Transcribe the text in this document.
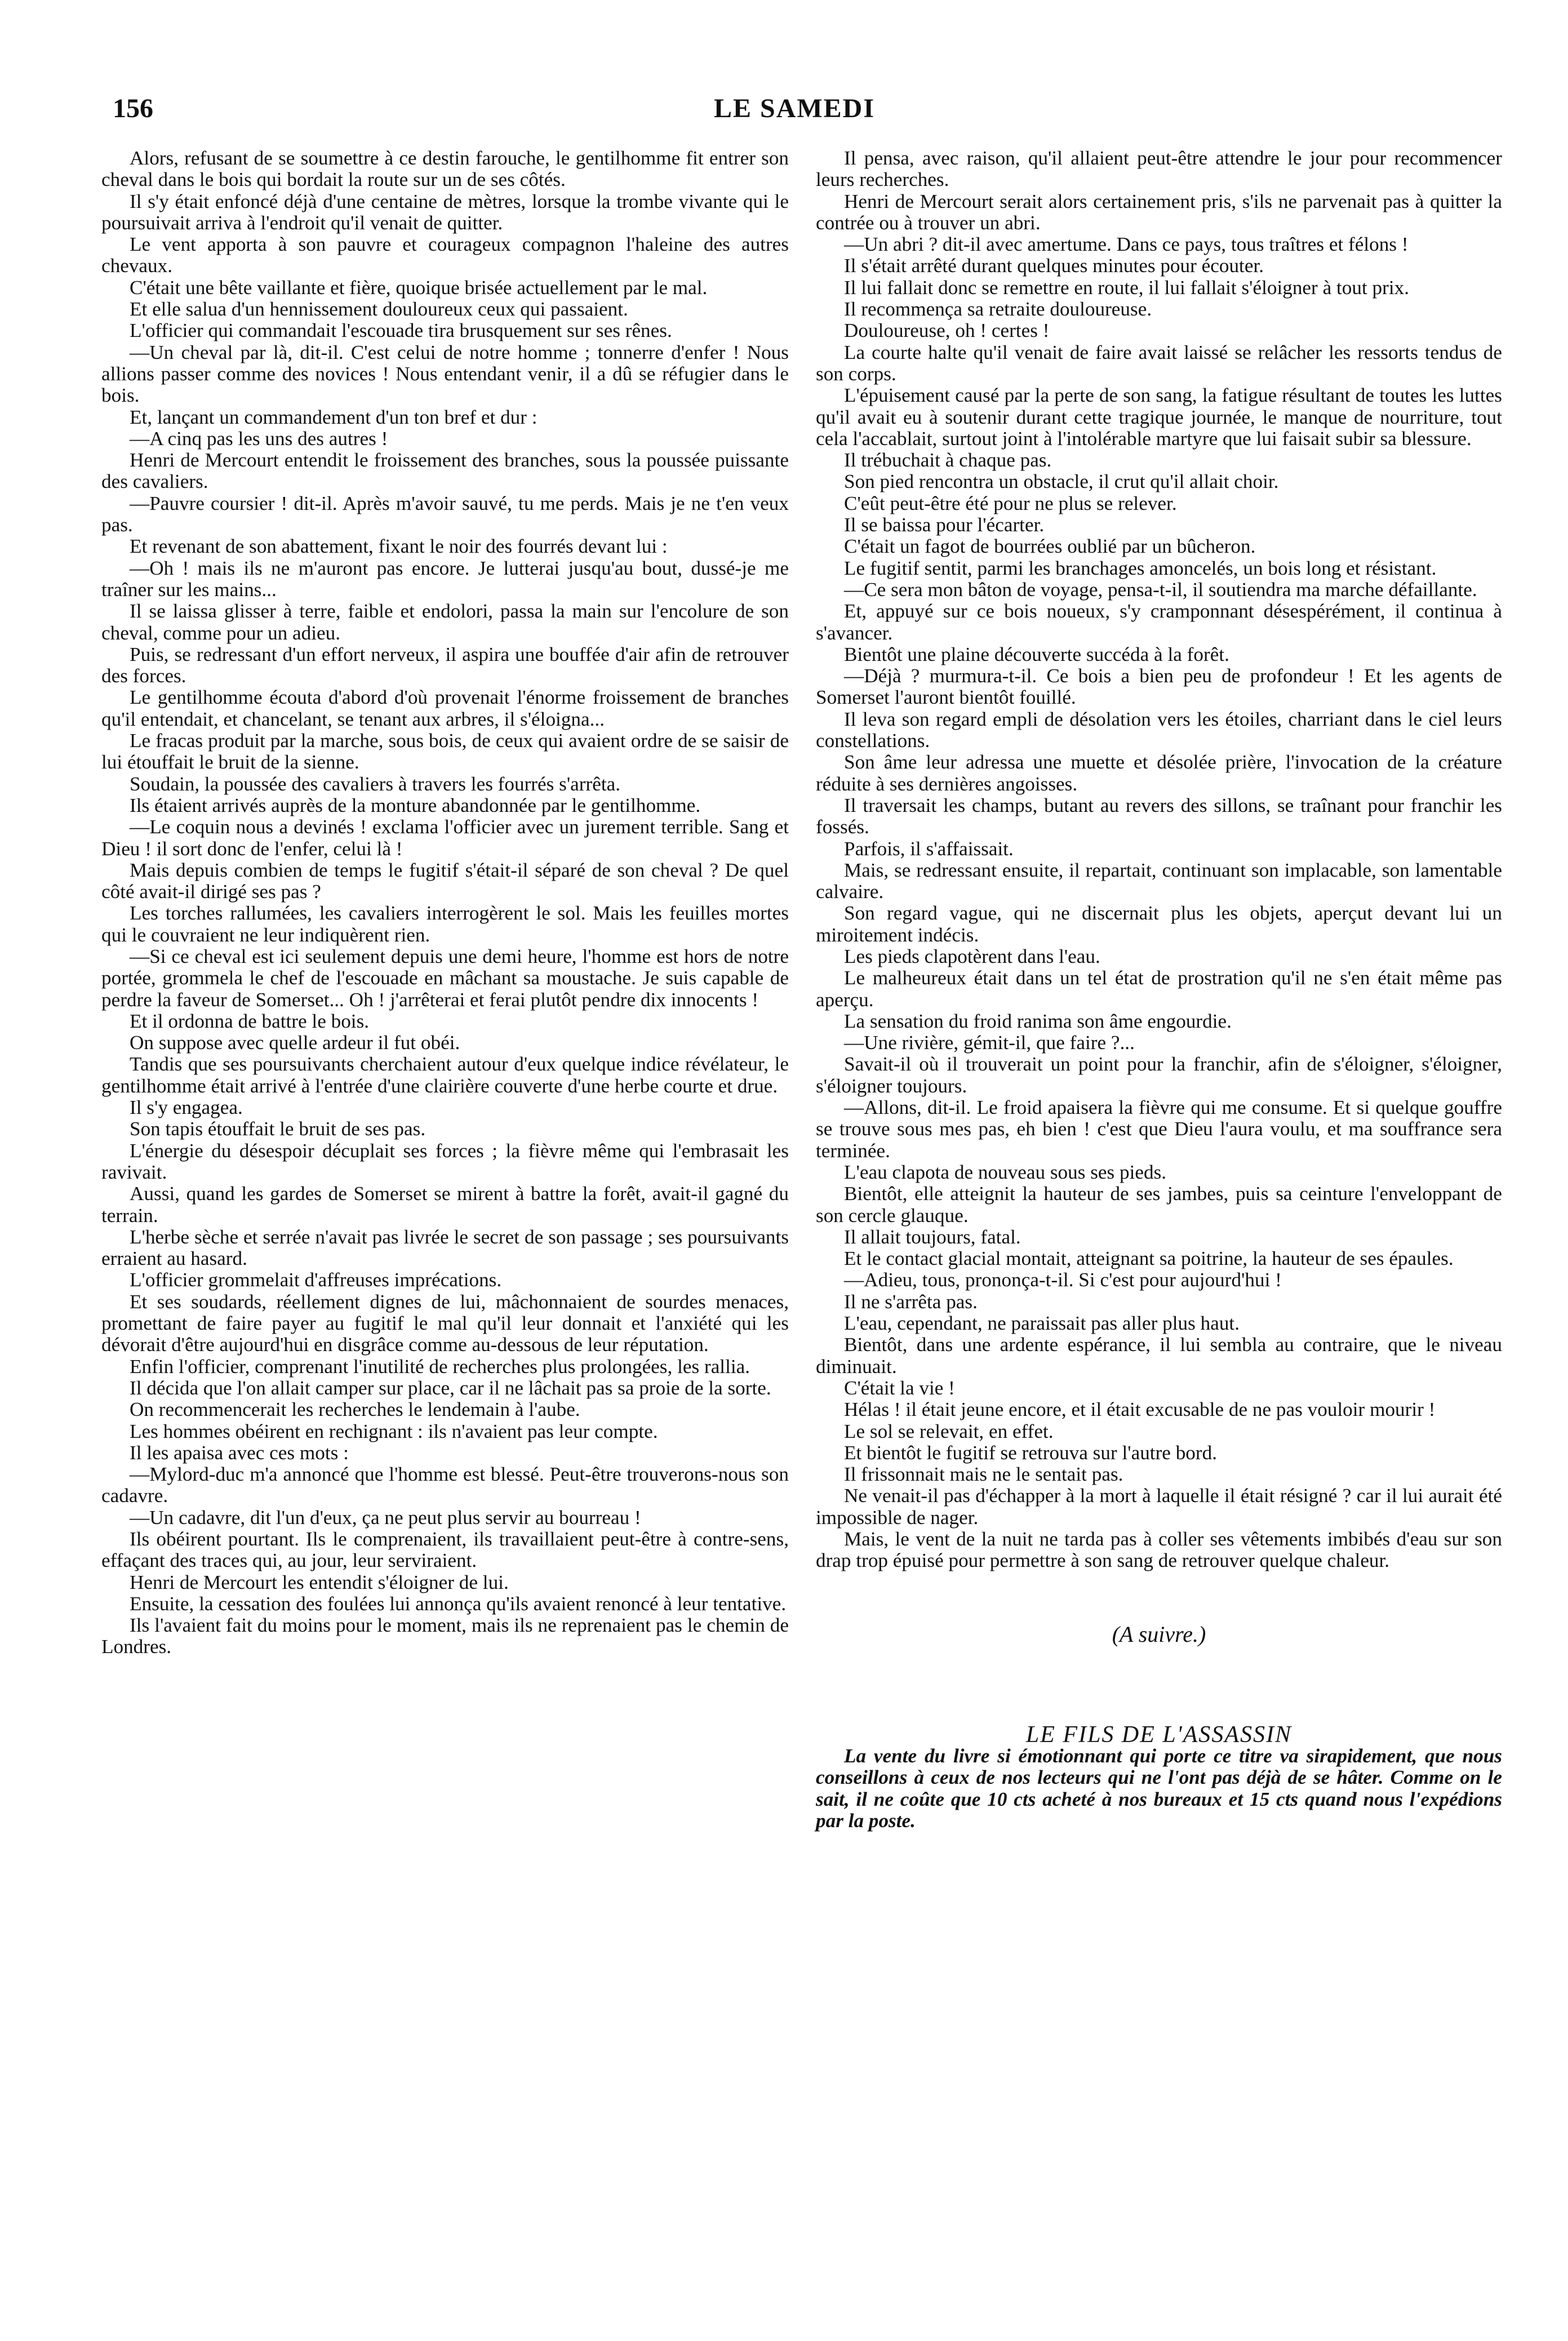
156	LE SAMEDI

Alors, refusant de se soumettre à ce destin farouche, le gentilhomme fit entrer son cheval dans le bois qui bordait la route sur un de ses côtés.

Il s'y était enfoncé déjà d'une centaine de mètres, lorsque la trombe vivante qui le poursuivait arriva à l'endroit qu'il venait de quitter.

Le vent apporta à son pauvre et courageux compagnon l'haleine des autres chevaux.

C'était une bête vaillante et fière, quoique brisée actuellement par le mal.

Et elle salua d'un hennissement douloureux ceux qui passaient.

L'officier qui commandait l'escouade tira brusquement sur ses rênes.

—Un cheval par là, dit-il. C'est celui de notre homme ; tonnerre d'enfer ! Nous allions passer comme des novices ! Nous entendant venir, il a dû se réfugier dans le bois.

Et, lançant un commandement d'un ton bref et dur :

—A cinq pas les uns des autres !

Henri de Mercourt entendit le froissement des branches, sous la poussée puissante des cavaliers.

—Pauvre coursier ! dit-il. Après m'avoir sauvé, tu me perds. Mais je ne t'en veux pas.

Et revenant de son abattement, fixant le noir des fourrés devant lui :

—Oh ! mais ils ne m'auront pas encore. Je lutterai jusqu'au bout, dussé-je me traîner sur les mains...

Il se laissa glisser à terre, faible et endolori, passa la main sur l'encolure de son cheval, comme pour un adieu.

Puis, se redressant d'un effort nerveux, il aspira une bouffée d'air afin de retrouver des forces.

Le gentilhomme écouta d'abord d'où provenait l'énorme froissement de branches qu'il entendait, et chancelant, se tenant aux arbres, il s'éloigna...

Le fracas produit par la marche, sous bois, de ceux qui avaient ordre de se saisir de lui étouffait le bruit de la sienne.

Soudain, la poussée des cavaliers à travers les fourrés s'arrêta.

Ils étaient arrivés auprès de la monture abandonnée par le gentilhomme.

—Le coquin nous a devinés ! exclama l'officier avec un jurement terrible. Sang et Dieu ! il sort donc de l'enfer, celui là !

Mais depuis combien de temps le fugitif s'était-il séparé de son cheval ? De quel côté avait-il dirigé ses pas ?

Les torches rallumées, les cavaliers interrogèrent le sol. Mais les feuilles mortes qui le couvraient ne leur indiquèrent rien.

—Si ce cheval est ici seulement depuis une demi heure, l'homme est hors de notre portée, grommela le chef de l'escouade en mâchant sa moustache. Je suis capable de perdre la faveur de Somerset... Oh ! j'arrêterai et ferai plutôt pendre dix innocents !

Et il ordonna de battre le bois.

On suppose avec quelle ardeur il fut obéi.

Tandis que ses poursuivants cherchaient autour d'eux quelque indice révélateur, le gentilhomme était arrivé à l'entrée d'une clairière couverte d'une herbe courte et drue.

Il s'y engagea.

Son tapis étouffait le bruit de ses pas.

L'énergie du désespoir décuplait ses forces ; la fièvre même qui l'embrasait les ravivait.

Aussi, quand les gardes de Somerset se mirent à battre la forêt, avait-il gagné du terrain.

L'herbe sèche et serrée n'avait pas livrée le secret de son passage ; ses poursuivants erraient au hasard.

L'officier grommelait d'affreuses imprécations.

Et ses soudards, réellement dignes de lui, mâchonnaient de sourdes menaces, promettant de faire payer au fugitif le mal qu'il leur donnait et l'anxiété qui les dévorait d'être aujourd'hui en disgrâce comme au-dessous de leur réputation.

Enfin l'officier, comprenant l'inutilité de recherches plus prolongées, les rallia.

Il décida que l'on allait camper sur place, car il ne lâchait pas sa proie de la sorte.

On recommencerait les recherches le lendemain à l'aube.

Les hommes obéirent en rechignant : ils n'avaient pas leur compte.

Il les apaisa avec ces mots :

—Mylord-duc m'a annoncé que l'homme est blessé. Peut-être trouverons-nous son cadavre.

—Un cadavre, dit l'un d'eux, ça ne peut plus servir au bourreau !

Ils obéirent pourtant. Ils le comprenaient, ils travaillaient peut-être à contre-sens, effaçant des traces qui, au jour, leur serviraient.

Henri de Mercourt les entendit s'éloigner de lui.

Ensuite, la cessation des foulées lui annonça qu'ils avaient renoncé à leur tentative.

Ils l'avaient fait du moins pour le moment, mais ils ne reprenaient pas le chemin de Londres.

Il pensa, avec raison, qu'il allaient peut-être attendre le jour pour recommencer leurs recherches.

Henri de Mercourt serait alors certainement pris, s'ils ne parvenait pas à quitter la contrée ou à trouver un abri.

—Un abri ? dit-il avec amertume. Dans ce pays, tous traîtres et félons !

Il s'était arrêté durant quelques minutes pour écouter.

Il lui fallait donc se remettre en route, il lui fallait s'éloigner à tout prix.

Il recommença sa retraite douloureuse.

Douloureuse, oh ! certes !

La courte halte qu'il venait de faire avait laissé se relâcher les ressorts tendus de son corps.

L'épuisement causé par la perte de son sang, la fatigue résultant de toutes les luttes qu'il avait eu à soutenir durant cette tragique journée, le manque de nourriture, tout cela l'accablait, surtout joint à l'intolérable martyre que lui faisait subir sa blessure.

Il trébuchait à chaque pas.

Son pied rencontra un obstacle, il crut qu'il allait choir.

C'eût peut-être été pour ne plus se relever.

Il se baissa pour l'écarter.

C'était un fagot de bourrées oublié par un bûcheron.

Le fugitif sentit, parmi les branchages amoncelés, un bois long et résistant.

—Ce sera mon bâton de voyage, pensa-t-il, il soutiendra ma marche défaillante.

Et, appuyé sur ce bois noueux, s'y cramponnant désespérément, il continua à s'avancer.

Bientôt une plaine découverte succéda à la forêt.

—Déjà ? murmura-t-il. Ce bois a bien peu de profondeur ! Et les agents de Somerset l'auront bientôt fouillé.

Il leva son regard empli de désolation vers les étoiles, charriant dans le ciel leurs constellations.

Son âme leur adressa une muette et désolée prière, l'invocation de la créature réduite à ses dernières angoisses.

Il traversait les champs, butant au revers des sillons, se traînant pour franchir les fossés.

Parfois, il s'affaissait.

Mais, se redressant ensuite, il repartait, continuant son implacable, son lamentable calvaire.

Son regard vague, qui ne discernait plus les objets, aperçut devant lui un miroitement indécis.

Les pieds clapotèrent dans l'eau.

Le malheureux était dans un tel état de prostration qu'il ne s'en était même pas aperçu.

La sensation du froid ranima son âme engourdie.

—Une rivière, gémit-il, que faire ?...

Savait-il où il trouverait un point pour la franchir, afin de s'éloigner, s'éloigner, s'éloigner toujours.

—Allons, dit-il. Le froid apaisera la fièvre qui me consume. Et si quelque gouffre se trouve sous mes pas, eh bien ! c'est que Dieu l'aura voulu, et ma souffrance sera terminée.

L'eau clapota de nouveau sous ses pieds.

Bientôt, elle atteignit la hauteur de ses jambes, puis sa ceinture l'enveloppant de son cercle glauque.

Il allait toujours, fatal.

Et le contact glacial montait, atteignant sa poitrine, la hauteur de ses épaules.

—Adieu, tous, prononça-t-il. Si c'est pour aujourd'hui !

Il ne s'arrêta pas.

L'eau, cependant, ne paraissait pas aller plus haut.

Bientôt, dans une ardente espérance, il lui sembla au contraire, que le niveau diminuait.

C'était la vie !

Hélas ! il était jeune encore, et il était excusable de ne pas vouloir mourir !

Le sol se relevait, en effet.

Et bientôt le fugitif se retrouva sur l'autre bord.

Il frissonnait mais ne le sentait pas.

Ne venait-il pas d'échapper à la mort à laquelle il était résigné ? car il lui aurait été impossible de nager.

Mais, le vent de la nuit ne tarda pas à coller ses vêtements imbibés d'eau sur son drap trop épuisé pour permettre à son sang de retrouver quelque chaleur.

(A suivre.)

LE FILS DE L'ASSASSIN

La vente du livre si émotionnant qui porte ce titre va sirapidement, que nous conseillons à ceux de nos lecteurs qui ne l'ont pas déjà de se hâter. Comme on le sait, il ne coûte que 10 cts acheté à nos bureaux et 15 cts quand nous l'expédions par la poste.
